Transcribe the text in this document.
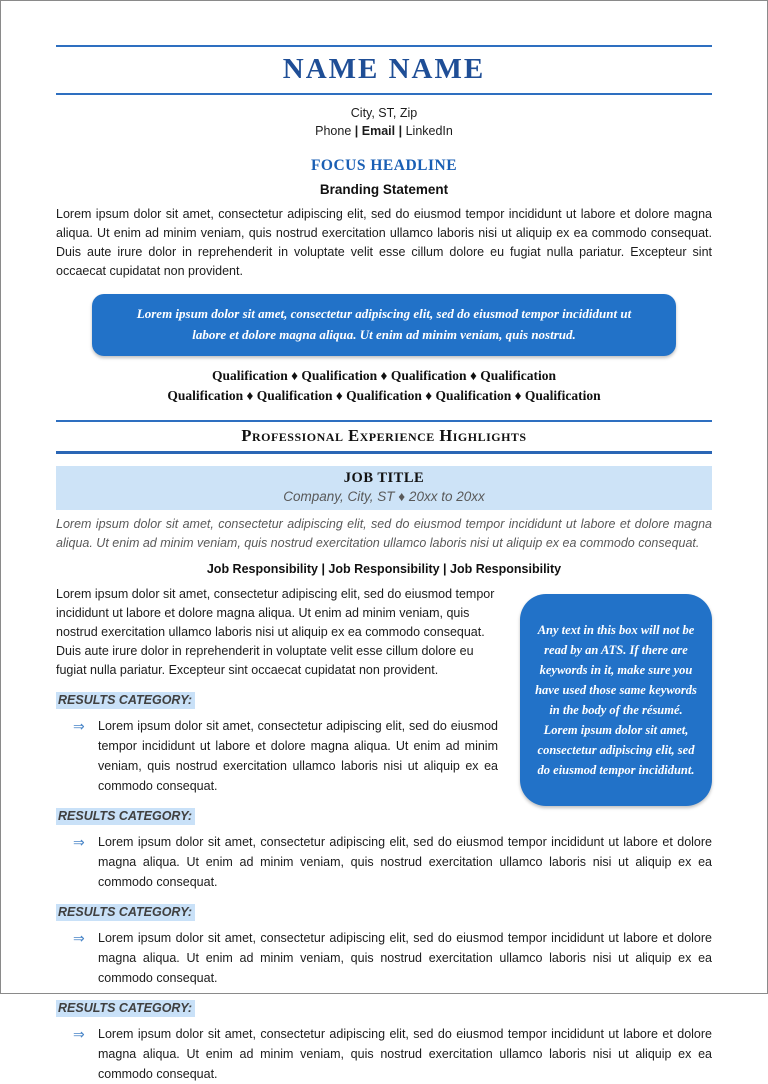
NAME NAME
City, ST, Zip
Phone | Email | LinkedIn
FOCUS HEADLINE
Branding Statement

Lorem ipsum dolor sit amet, consectetur adipiscing elit, sed do eiusmod tempor incididunt ut labore et dolore magna aliqua. Ut enim ad minim veniam, quis nostrud exercitation ullamco laboris nisi ut aliquip ex ea commodo consequat. Duis aute irure dolor in reprehenderit in voluptate velit esse cillum dolore eu fugiat nulla pariatur. Excepteur sint occaecat cupidatat non provident.

Lorem ipsum dolor sit amet, consectetur adipiscing elit, sed do eiusmod tempor incididunt ut labore et dolore magna aliqua. Ut enim ad minim veniam, quis nostrud.
Qualification ♦ Qualification ♦ Qualification ♦ Qualification
Qualification ♦ Qualification ♦ Qualification ♦ Qualification ♦ Qualification
Professional Experience Highlights
JOB TITLE
Company, City, ST ♦ 20xx to 20xx

Lorem ipsum dolor sit amet, consectetur adipiscing elit, sed do eiusmod tempor incididunt ut labore et dolore magna aliqua. Ut enim ad minim veniam, quis nostrud exercitation ullamco laboris nisi ut aliquip ex ea commodo consequat.

Job Responsibility | Job Responsibility | Job Responsibility
Any text in this box will not be read by an ATS. If there are keywords in it, make sure you have used those same keywords in the body of the résumé. Lorem ipsum dolor sit amet, consectetur adipiscing elit, sed do eiusmod tempor incididunt.

Lorem ipsum dolor sit amet, consectetur adipiscing elit, sed do eiusmod tempor incididunt ut labore et dolore magna aliqua. Ut enim ad minim veniam, quis nostrud exercitation ullamco laboris nisi ut aliquip ex ea commodo consequat. Duis aute irure dolor in reprehenderit in voluptate velit esse cillum dolore eu fugiat nulla pariatur. Excepteur sint occaecat cupidatat non provident.

RESULTS CATEGORY:
⇒ Lorem ipsum dolor sit amet, consectetur adipiscing elit, sed do eiusmod tempor incididunt ut labore et dolore magna aliqua. Ut enim ad minim veniam, quis nostrud exercitation ullamco laboris nisi ut aliquip ex ea commodo consequat.
RESULTS CATEGORY:
⇒ Lorem ipsum dolor sit amet, consectetur adipiscing elit, sed do eiusmod tempor incididunt ut labore et dolore magna aliqua. Ut enim ad minim veniam, quis nostrud exercitation ullamco laboris nisi ut aliquip ex ea commodo consequat.
RESULTS CATEGORY:
⇒ Lorem ipsum dolor sit amet, consectetur adipiscing elit, sed do eiusmod tempor incididunt ut labore et dolore magna aliqua. Ut enim ad minim veniam, quis nostrud exercitation ullamco laboris nisi ut aliquip ex ea commodo consequat.
RESULTS CATEGORY:
⇒ Lorem ipsum dolor sit amet, consectetur adipiscing elit, sed do eiusmod tempor incididunt ut labore et dolore magna aliqua. Ut enim ad minim veniam, quis nostrud exercitation ullamco laboris nisi ut aliquip ex ea commodo consequat.
